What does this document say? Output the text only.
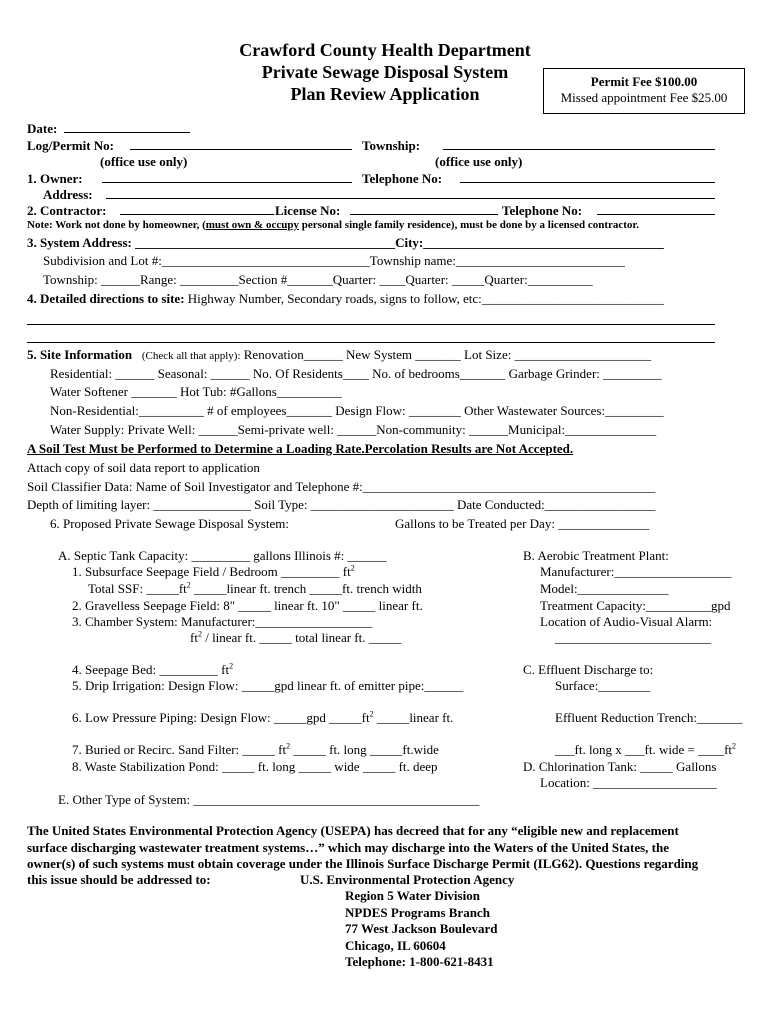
Crawford County Health Department
Private Sewage Disposal System
Plan Review Application
Permit Fee $100.00
Missed appointment Fee $25.00
Date:
Log/Permit No:	Township:
(office use only)	(office use only)
1. Owner:	Telephone No:
Address:
2. Contractor:	License No:	Telephone No:
Note: Work not done by homeowner, (must own & occupy personal single family residence), must be done by a licensed contractor.
3. System Address: ________________________________________City:_____________________________________
Subdivision and Lot #:________________________________Township name:__________________________
Township: ______Range: _________Section #_______Quarter: ____Quarter: _____Quarter:__________
4. Detailed directions to site: Highway Number, Secondary roads, signs to follow, etc:____________________________
5. Site Information (Check all that apply): Renovation______ New System _______ Lot Size: _____________________
Residential: ______ Seasonal: ______ No. Of Residents____ No. of bedrooms_______ Garbage Grinder: _________
Water Softener _______ Hot Tub: #Gallons__________
Non-Residential:__________ # of employees_______ Design Flow: ________ Other Wastewater Sources:_________
Water Supply: Private Well: ______Semi-private well: ______Non-community: ______Municipal:______________
A Soil Test Must be Performed to Determine a Loading Rate.Percolation Results are Not Accepted.
Attach copy of soil data report to application
Soil Classifier Data: Name of Soil Investigator and Telephone #:_____________________________________________
Depth of limiting layer: _______________ Soil Type: ______________________ Date Conducted:_________________
6. Proposed Private Sewage Disposal System:	Gallons to be Treated per Day: ______________
A. Septic Tank Capacity: _________ gallons Illinois #: ______
1. Subsurface Seepage Field / Bedroom _________ $ft^2$
Total SSF: $\_\_\_\_\_ft^2$ _____linear ft. trench _____ft. trench width
2. Gravelless Seepage Field: 8" _____ linear ft. 10" _____ linear ft.
3. Chamber System: Manufacturer:__________________
$ft^2$ / linear ft. _____ total linear ft. _____
4. Seepage Bed: _________ $ft^2$
5. Drip Irrigation: Design Flow: _____gpd linear ft. of emitter pipe:______
6. Low Pressure Piping: Design Flow: _____gpd $\_\_\_\_\_ft^2$ _____linear ft.
7. Buried or Recirc. Sand Filter: _____ $ft^2$ _____ ft. long _____ft.wide
8. Waste Stabilization Pond: _____ ft. long _____ wide _____ ft. deep
E. Other Type of System: ____________________________________________
B. Aerobic Treatment Plant:
Manufacturer:__________________
Model:______________
Treatment Capacity:__________gpd
Location of Audio-Visual Alarm:
________________________
C. Effluent Discharge to:
Surface:________
Effluent Reduction Trench:_______
___ft. long x ___ft. wide = $\_\_\_\_ft^2$
D. Chlorination Tank: _____ Gallons
Location: ___________________
The United States Environmental Protection Agency (USEPA) has decreed that for any “eligible new and replacement
surface discharging wastewater treatment systems…” which may discharge into the Waters of the United States, the
owner(s) of such systems must obtain coverage under the Illinois Surface Discharge Permit (ILG62). Questions regarding
this issue should be addressed to:	U.S. Environmental Protection Agency
Region 5 Water Division
NPDES Programs Branch
77 West Jackson Boulevard
Chicago, IL 60604
Telephone: 1-800-621-8431
